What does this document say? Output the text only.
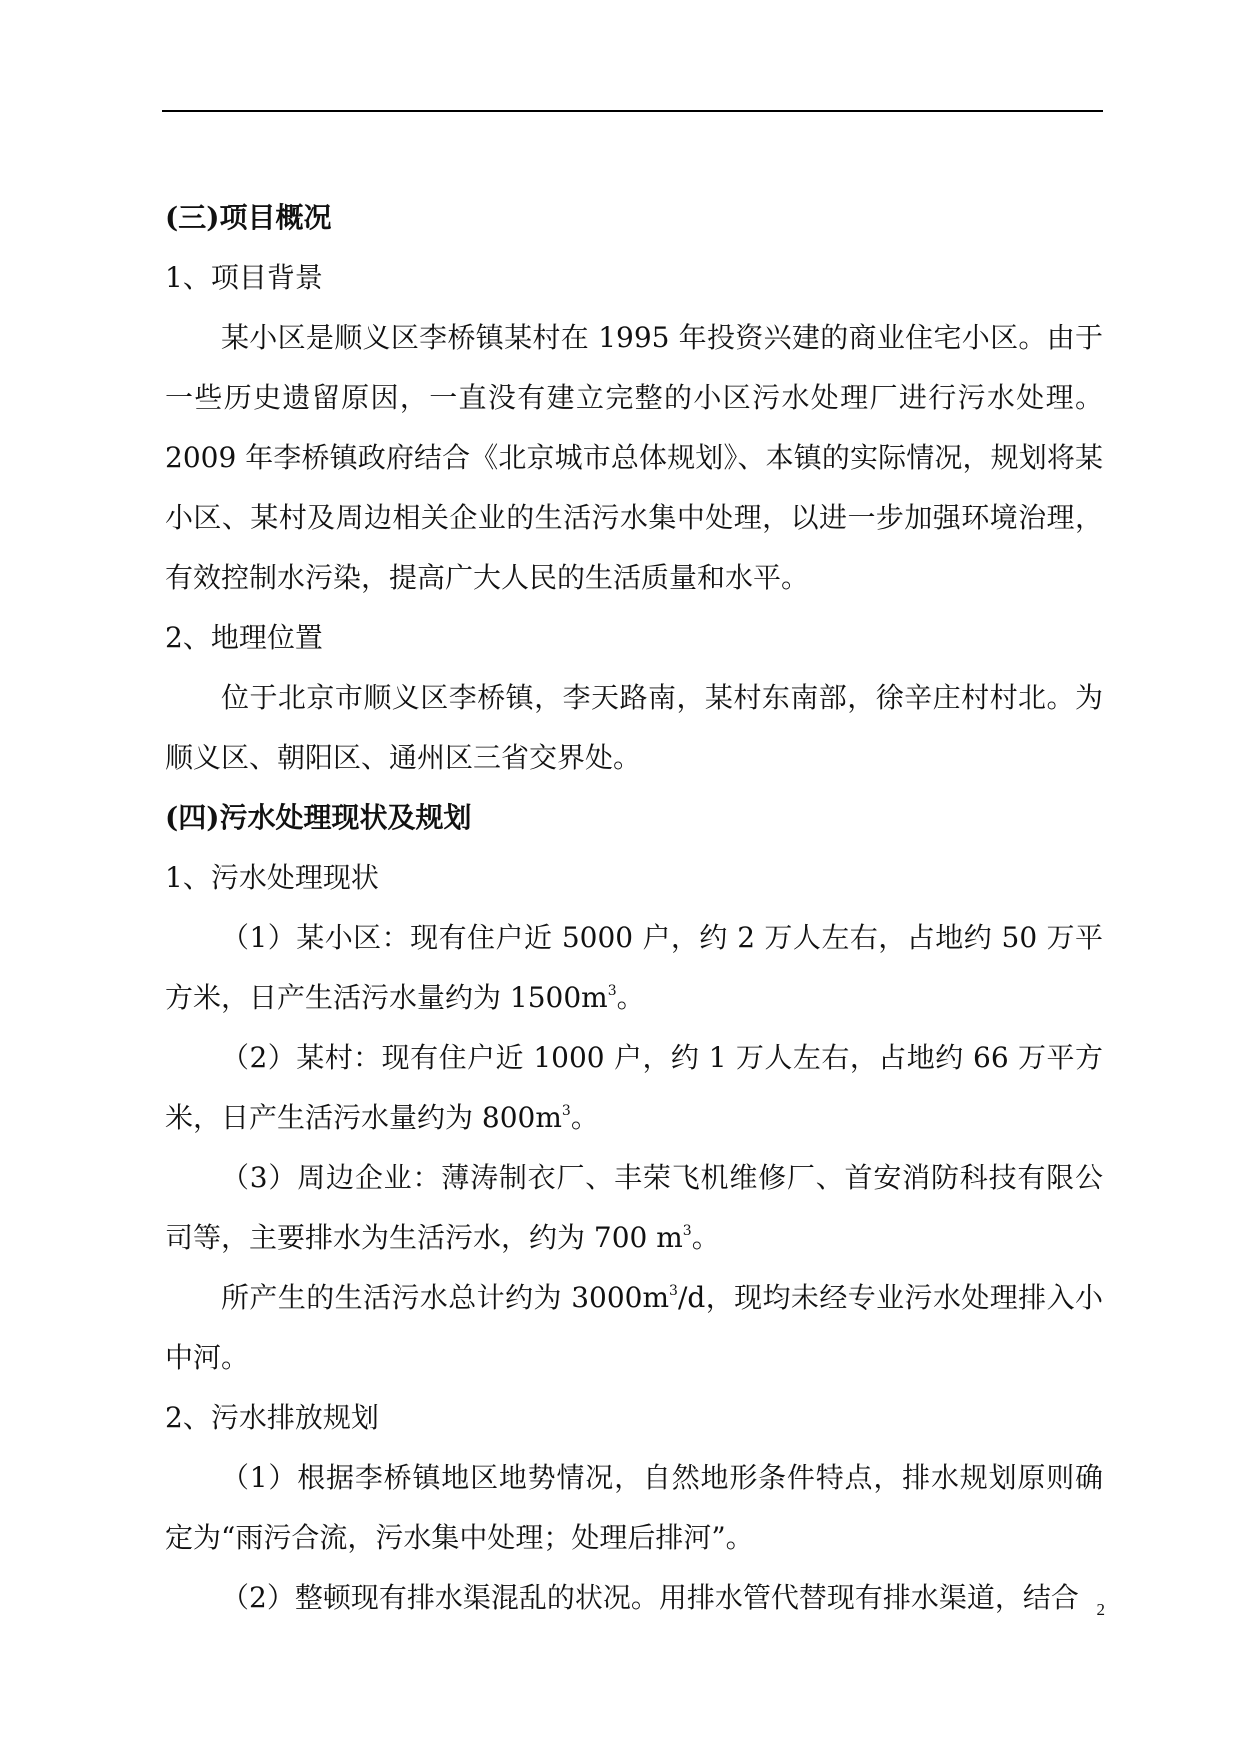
(三)项目概况

1、项目背景

某小区是顺义区李桥镇某村在 1995 年投资兴建的商业住宅小区。由于一些历史遗留原因，一直没有建立完整的小区污水处理厂进行污水处理。2009 年李桥镇政府结合《北京城市总体规划》、本镇的实际情况，规划将某小区、某村及周边相关企业的生活污水集中处理，以进一步加强环境治理，有效控制水污染，提高广大人民的生活质量和水平。

2、地理位置

位于北京市顺义区李桥镇，李天路南，某村东南部，徐辛庄村村北。为顺义区、朝阳区、通州区三省交界处。

(四)污水处理现状及规划

1、污水处理现状

（1）某小区：现有住户近 5000 户，约 2 万人左右，占地约 50 万平方米，日产生活污水量约为 $1500m^3$。

（2）某村：现有住户近 1000 户，约 1 万人左右，占地约 66 万平方米，日产生活污水量约为 $800m^3$。

（3）周边企业：薄涛制衣厂、丰荣飞机维修厂、首安消防科技有限公司等，主要排水为生活污水，约为 700 $m^3$。

所产生的生活污水总计约为 $3000m^3/d$，现均未经专业污水处理排入小中河。

2、污水排放规划

（1）根据李桥镇地区地势情况，自然地形条件特点，排水规划原则确定为“雨污合流，污水集中处理；处理后排河”。

（2）整顿现有排水渠混乱的状况。用排水管代替现有排水渠道，结合	2
